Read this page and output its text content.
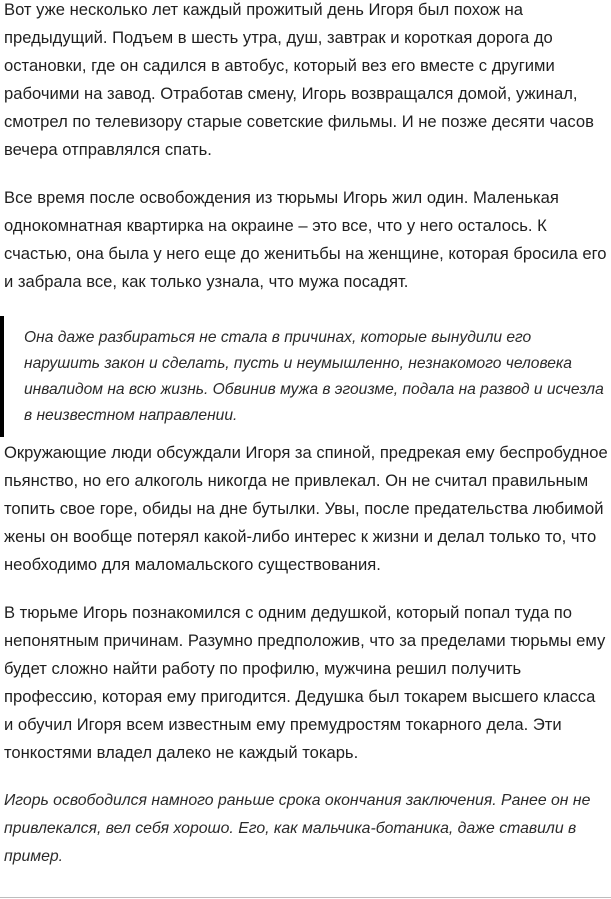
Вот уже несколько лет каждый прожитый день Игоря был похож на предыдущий. Подъем в шесть утра, душ, завтрак и короткая дорога до остановки, где он садился в автобус, который вез его вместе с другими рабочими на завод. Отработав смену, Игорь возвращался домой, ужинал, смотрел по телевизору старые советские фильмы. И не позже десяти часов вечера отправлялся спать.

Все время после освобождения из тюрьмы Игорь жил один. Маленькая однокомнатная квартирка на окраине – это все, что у него осталось. К счастью, она была у него еще до женитьбы на женщине, которая бросила его и забрала все, как только узнала, что мужа посадят.

Она даже разбираться не стала в причинах, которые вынудили его нарушить закон и сделать, пусть и неумышленно, незнакомого человека инвалидом на всю жизнь. Обвинив мужа в эгоизме, подала на развод и исчезла в неизвестном направлении.

Окружающие люди обсуждали Игоря за спиной, предрекая ему беспробудное пьянство, но его алкоголь никогда не привлекал. Он не считал правильным топить свое горе, обиды на дне бутылки. Увы, после предательства любимой жены он вообще потерял какой-либо интерес к жизни и делал только то, что необходимо для маломальского существования.

В тюрьме Игорь познакомился с одним дедушкой, который попал туда по непонятным причинам. Разумно предположив, что за пределами тюрьмы ему будет сложно найти работу по профилю, мужчина решил получить профессию, которая ему пригодится. Дедушка был токарем высшего класса и обучил Игоря всем известным ему премудростям токарного дела. Эти тонкостями владел далеко не каждый токарь.

Игорь освободился намного раньше срока окончания заключения. Ранее он не привлекался, вел себя хорошо. Его, как мальчика-ботаника, даже ставили в пример.
